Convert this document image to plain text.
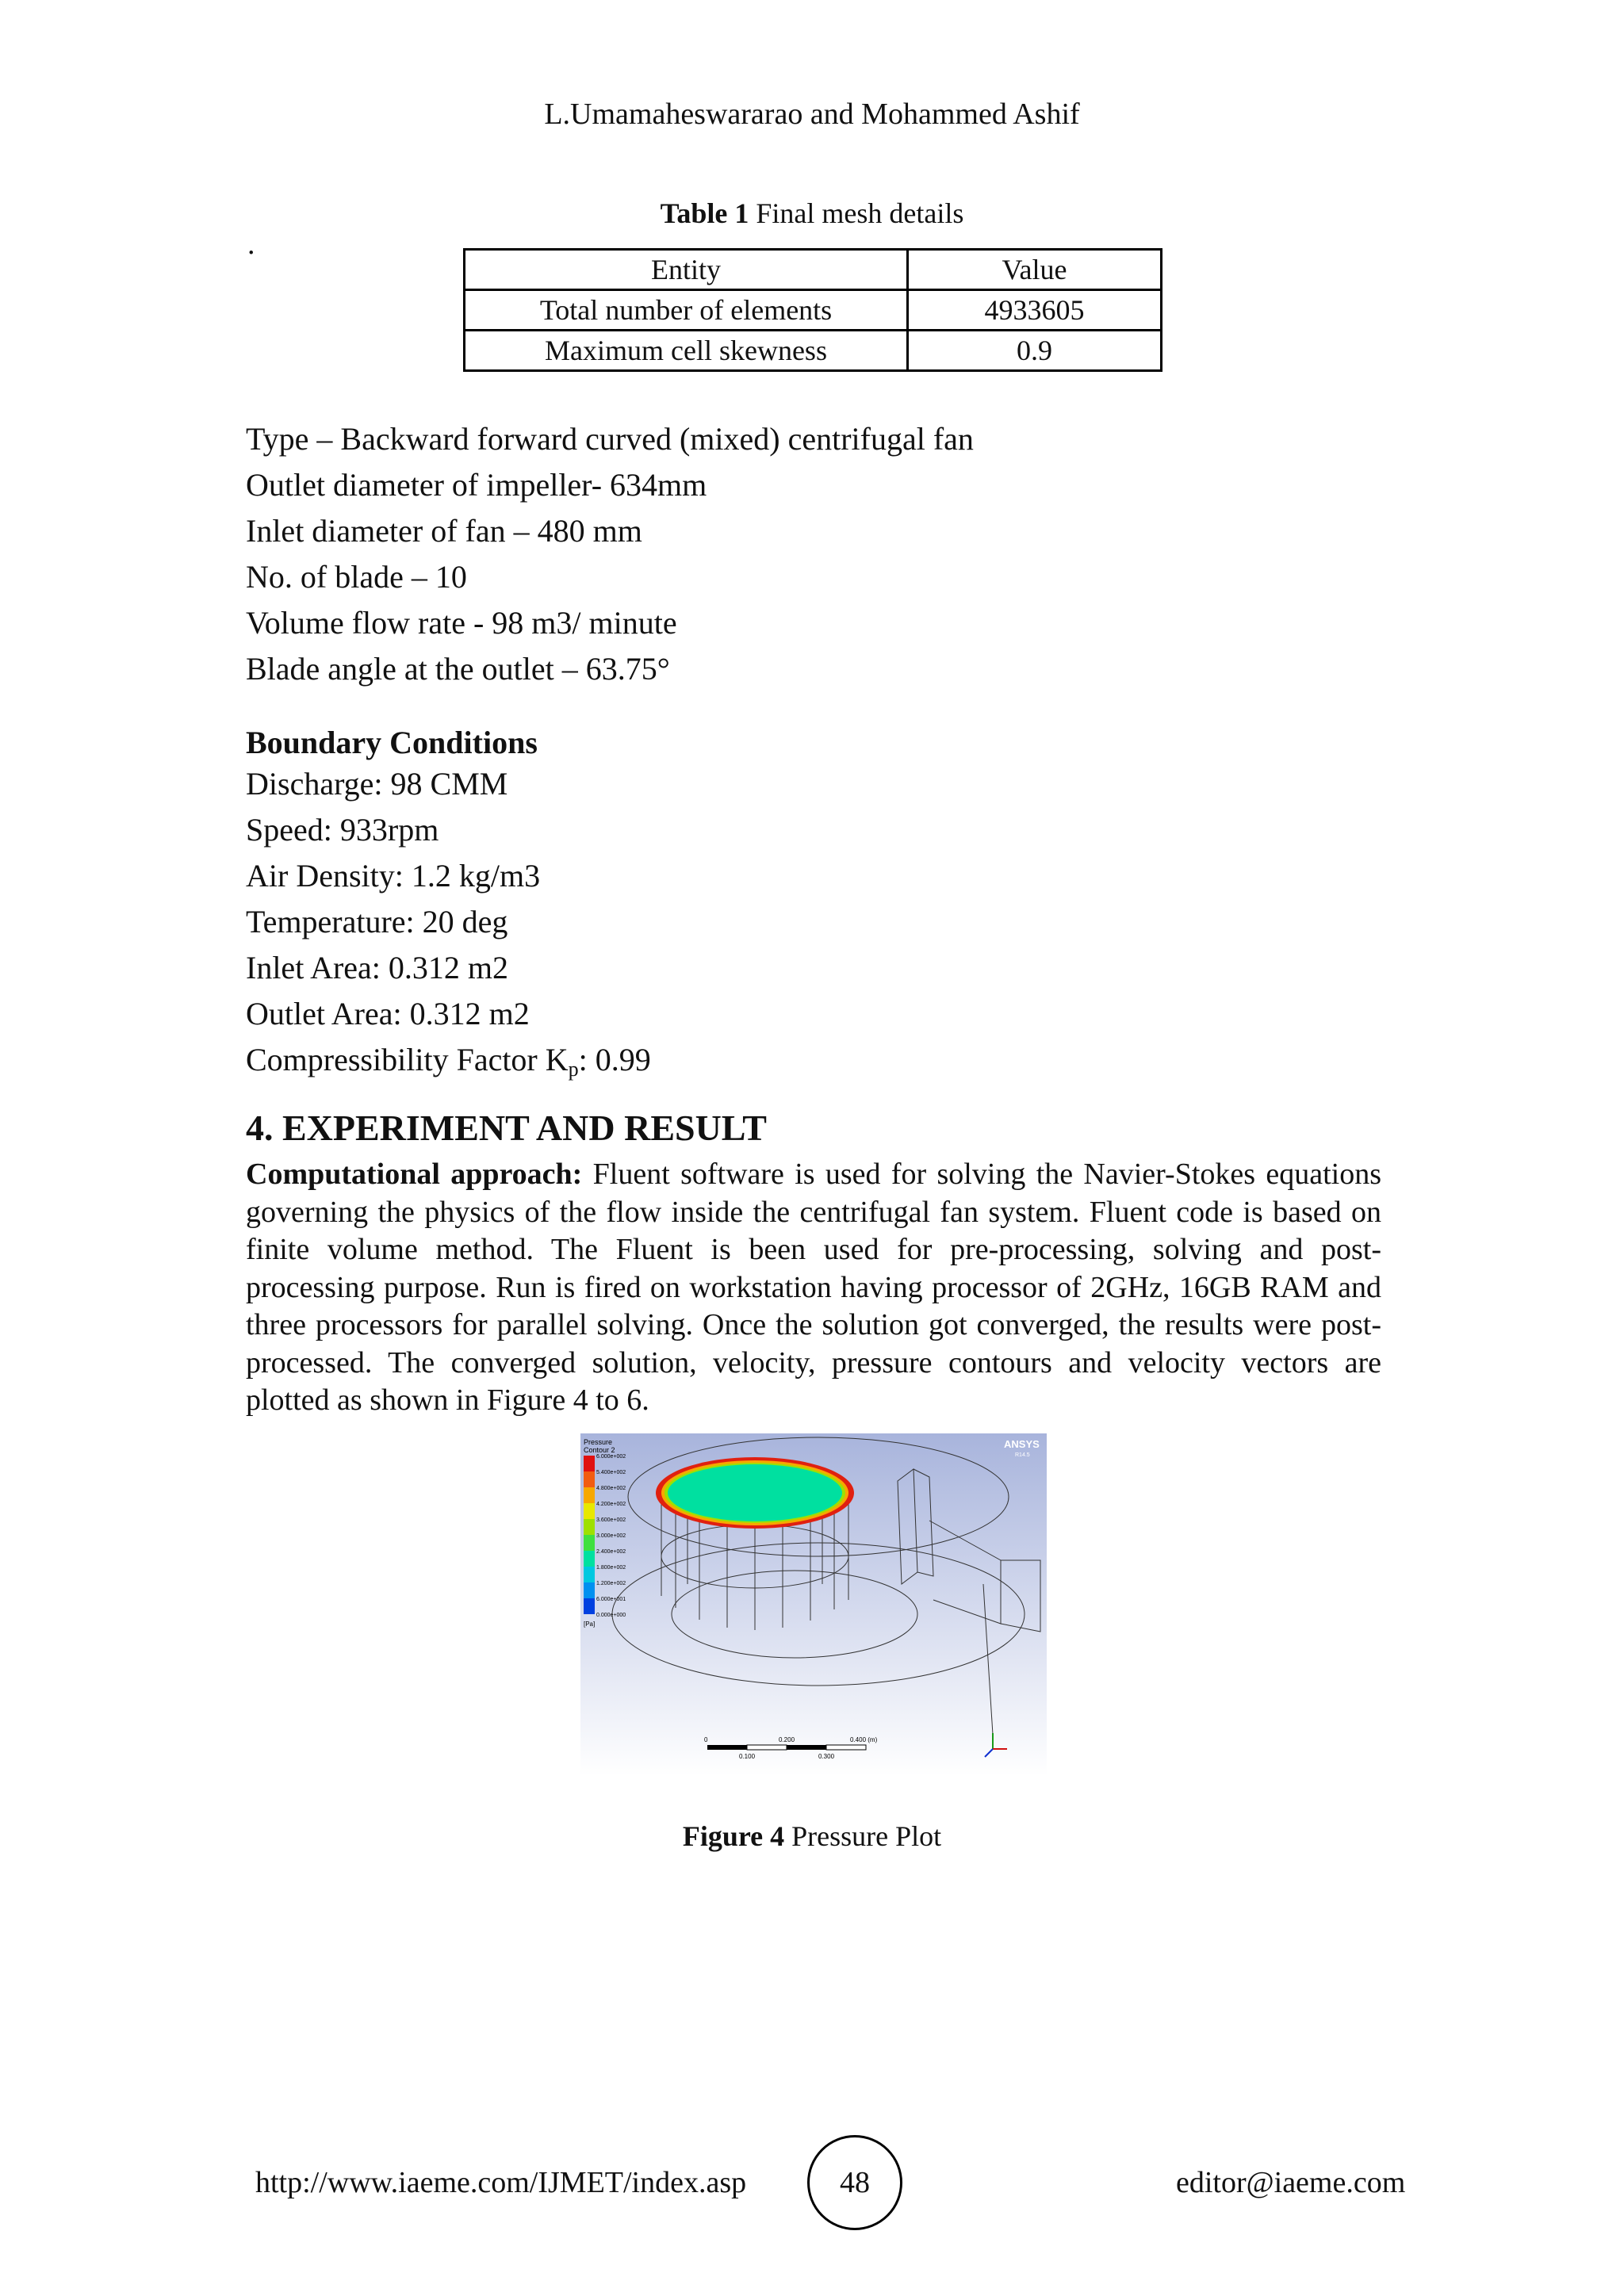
L.Umamaheswararao and Mohammed Ashif
.
Table 1 Final mesh details
Entity	Value
Total number of elements	4933605
Maximum cell skewness	0.9
Type – Backward forward curved (mixed) centrifugal fan
Outlet diameter of impeller- 634mm
Inlet diameter of fan – 480 mm
No. of blade – 10
Volume flow rate - 98 m3/ minute
Blade angle at the outlet – 63.75°
Boundary Conditions
Discharge: 98 CMM
Speed: 933rpm
Air Density: 1.2 kg/m3
Temperature: 20 deg
Inlet Area: 0.312 m2
Outlet Area: 0.312 m2
Compressibility Factor $K_p$: 0.99
4. EXPERIMENT AND RESULT
Computational approach: Fluent software is used for solving the Navier-Stokes equations governing the physics of the flow inside the centrifugal fan system. Fluent code is based on finite volume method. The Fluent is been used for pre-processing, solving and post-processing purpose. Run is fired on workstation having processor of 2GHz, 16GB RAM and three processors for parallel solving. Once the solution got converged, the results were post-processed. The converged solution, velocity, pressure contours and velocity vectors are plotted as shown in Figure 4 to 6.
Pressure
Contour 2
6.000e+002
5.400e+002
4.800e+002
4.200e+002
3.600e+002
3.000e+002
2.400e+002
1.800e+002
1.200e+002
6.000e+001
0.000e+000
[Pa]
ANSYS
R14.5
0	0.200	0.400 (m)
0.100	0.300
Figure 4 Pressure Plot
http://www.iaeme.com/IJMET/index.asp	48	editor@iaeme.com
